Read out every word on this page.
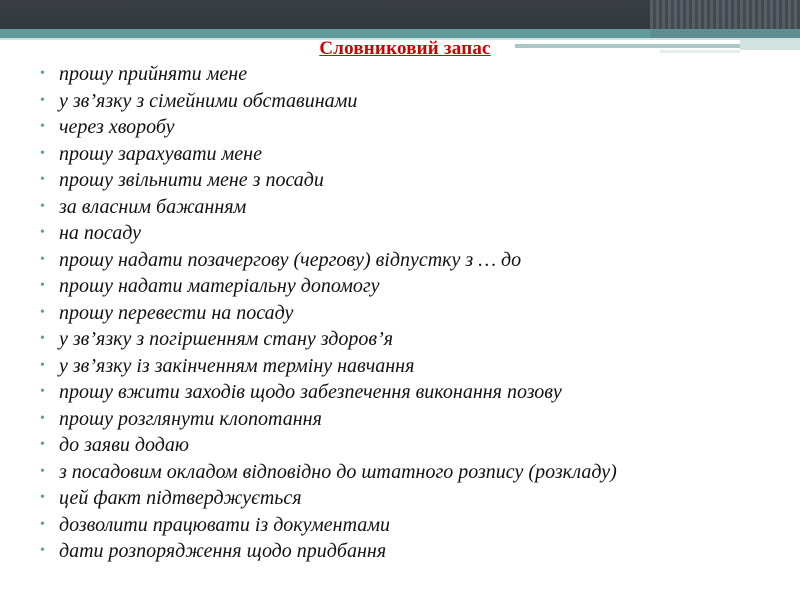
Словниковий запас
• прошу прийняти мене
• у зв’язку з сімейними обставинами
• через хворобу
• прошу зарахувати мене
• прошу звільнити мене з посади
• за власним бажанням
• на посаду
• прошу надати позачергову (чергову) відпустку з … до
• прошу надати матеріальну допомогу
• прошу перевести на посаду
• у зв’язку з погіршенням стану здоров’я
• у зв’язку із закінченням терміну навчання
• прошу вжити заходів щодо забезпечення виконання позову
• прошу розглянути клопотання
• до заяви додаю
• з посадовим окладом відповідно до штатного розпису (розкладу)
• цей факт підтверджується
• дозволити працювати із документами
• дати розпорядження щодо придбання
